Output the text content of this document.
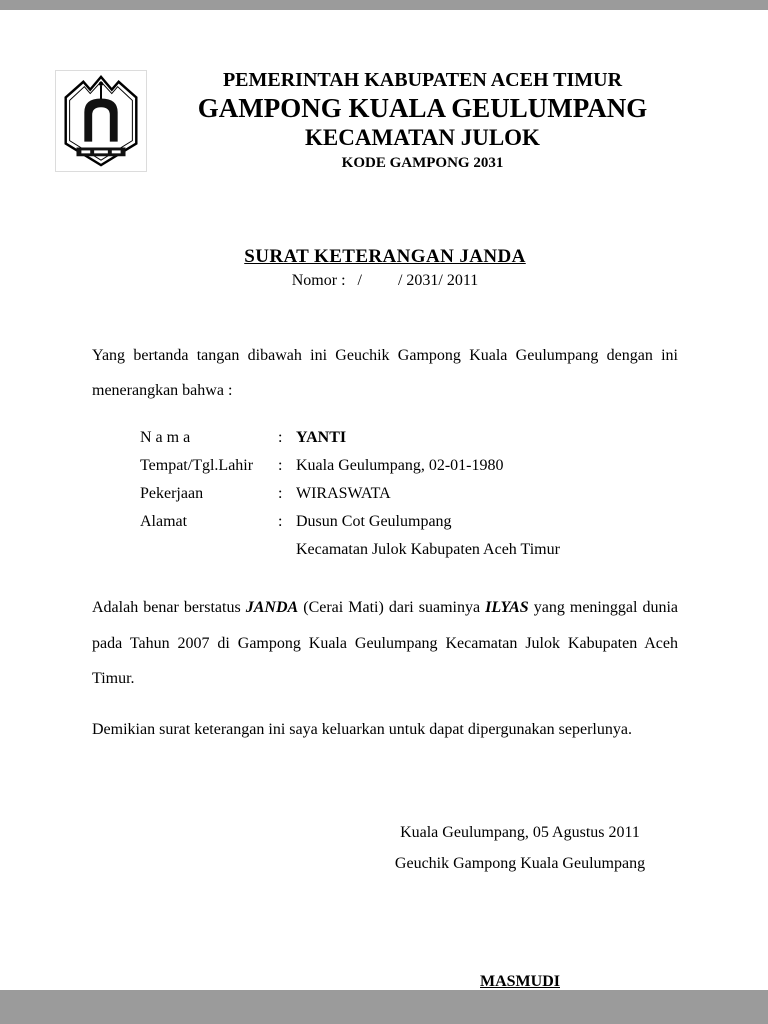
PEMERINTAH KABUPATEN ACEH TIMUR
GAMPONG KUALA GEULUMPANG
KECAMATAN JULOK
KODE GAMPONG 2031
SURAT KETERANGAN JANDA
Nomor :   /         / 2031/ 2011

Yang bertanda tangan dibawah ini Geuchik Gampong Kuala Geulumpang dengan ini menerangkan bahwa :

N a m a	: YANTI
Tempat/Tgl.Lahir	: Kuala Geulumpang, 02-01-1980
Pekerjaan	: WIRASWATA
Alamat	: Dusun Cot Geulumpang
Kecamatan Julok Kabupaten Aceh Timur

Adalah benar berstatus JANDA (Cerai Mati) dari suaminya ILYAS yang meninggal dunia pada Tahun 2007 di Gampong Kuala Geulumpang Kecamatan Julok Kabupaten Aceh Timur.

Demikian surat keterangan ini saya keluarkan untuk dapat dipergunakan seperlunya.

Kuala Geulumpang, 05 Agustus 2011
Geuchik Gampong Kuala Geulumpang
MASMUDI
